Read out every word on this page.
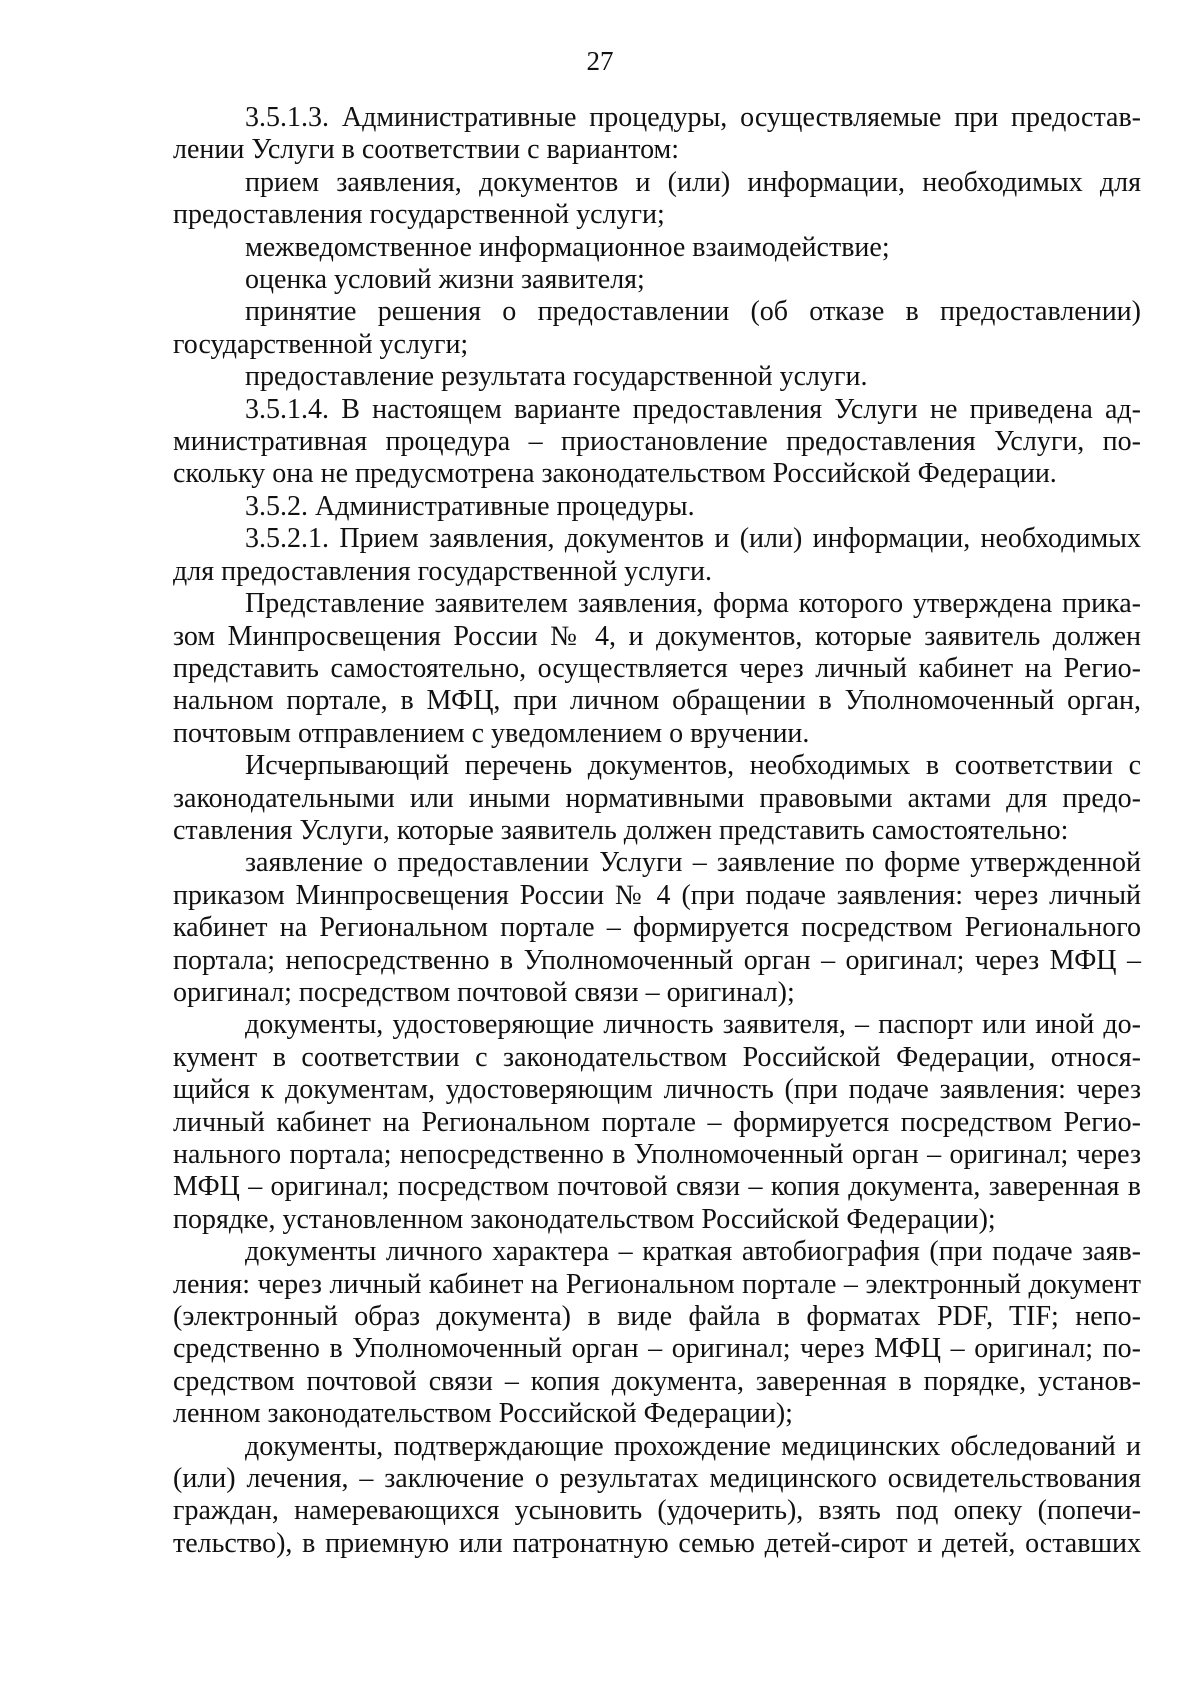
27

3.5.1.3. Административные процедуры, осуществляемые при предоставлении Услуги в соответствии с вариантом:

прием заявления, документов и (или) информации, необходимых для предоставления государственной услуги;

межведомственное информационное взаимодействие;

оценка условий жизни заявителя;

принятие решения о предоставлении (об отказе в предоставлении) государственной услуги;

предоставление результата государственной услуги.

3.5.1.4. В настоящем варианте предоставления Услуги не приведена административная процедура – приостановление предоставления Услуги, поскольку она не предусмотрена законодательством Российской Федерации.

3.5.2. Административные процедуры.

3.5.2.1. Прием заявления, документов и (или) информации, необходимых для предоставления государственной услуги.

Представление заявителем заявления, форма которого утверждена приказом Минпросвещения России № 4, и документов, которые заявитель должен представить самостоятельно, осуществляется через личный кабинет на Региональном портале, в МФЦ, при личном обращении в Уполномоченный орган, почтовым отправлением с уведомлением о вручении.

Исчерпывающий перечень документов, необходимых в соответствии с законодательными или иными нормативными правовыми актами для предоставления Услуги, которые заявитель должен представить самостоятельно:

заявление о предоставлении Услуги – заявление по форме утвержденной приказом Минпросвещения России № 4 (при подаче заявления: через личный кабинет на Региональном портале – формируется посредством Регионального портала; непосредственно в Уполномоченный орган – оригинал; через МФЦ – оригинал; посредством почтовой связи – оригинал);

документы, удостоверяющие личность заявителя, – паспорт или иной документ в соответствии с законодательством Российской Федерации, относящийся к документам, удостоверяющим личность (при подаче заявления: через личный кабинет на Региональном портале – формируется посредством Регионального портала; непосредственно в Уполномоченный орган – оригинал; через МФЦ – оригинал; посредством почтовой связи – копия документа, заверенная в порядке, установленном законодательством Российской Федерации);

документы личного характера – краткая автобиография (при подаче заявления: через личный кабинет на Региональном портале – электронный документ (электронный образ документа) в виде файла в форматах PDF, TIF; непосредственно в Уполномоченный орган – оригинал; через МФЦ – оригинал; посредством почтовой связи – копия документа, заверенная в порядке, установленном законодательством Российской Федерации);

документы, подтверждающие прохождение медицинских обследований и (или) лечения, – заключение о результатах медицинского освидетельствования граждан, намеревающихся усыновить (удочерить), взять под опеку (попечительство), в приемную или патронатную семью детей-сирот и детей, оставших
